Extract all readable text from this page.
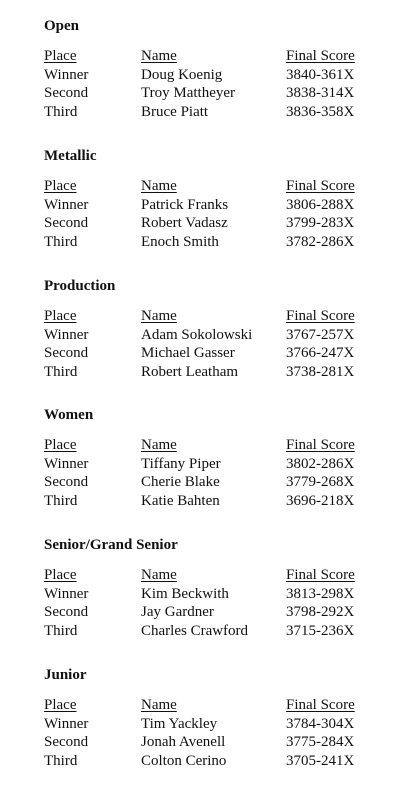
Open
Place	Name	Final Score
Winner	Doug Koenig	3840-361X
Second	Troy Mattheyer	3838-314X
Third	Bruce Piatt	3836-358X
Metallic
Place	Name	Final Score
Winner	Patrick Franks	3806-288X
Second	Robert Vadasz	3799-283X
Third	Enoch Smith	3782-286X
Production
Place	Name	Final Score
Winner	Adam Sokolowski 3767-257X
Second	Michael Gasser	3766-247X
Third	Robert Leatham	3738-281X
Women
Place	Name	Final Score
Winner	Tiffany Piper	3802-286X
Second	Cherie Blake	3779-268X
Third	Katie Bahten	3696-218X
Senior/Grand Senior
Place	Name	Final Score
Winner	Kim Beckwith	3813-298X
Second	Jay Gardner	3798-292X
Third	Charles Crawford	3715-236X
Junior
Place	Name	Final Score
Winner	Tim Yackley	3784-304X
Second	Jonah Avenell	3775-284X
Third	Colton Cerino	3705-241X
